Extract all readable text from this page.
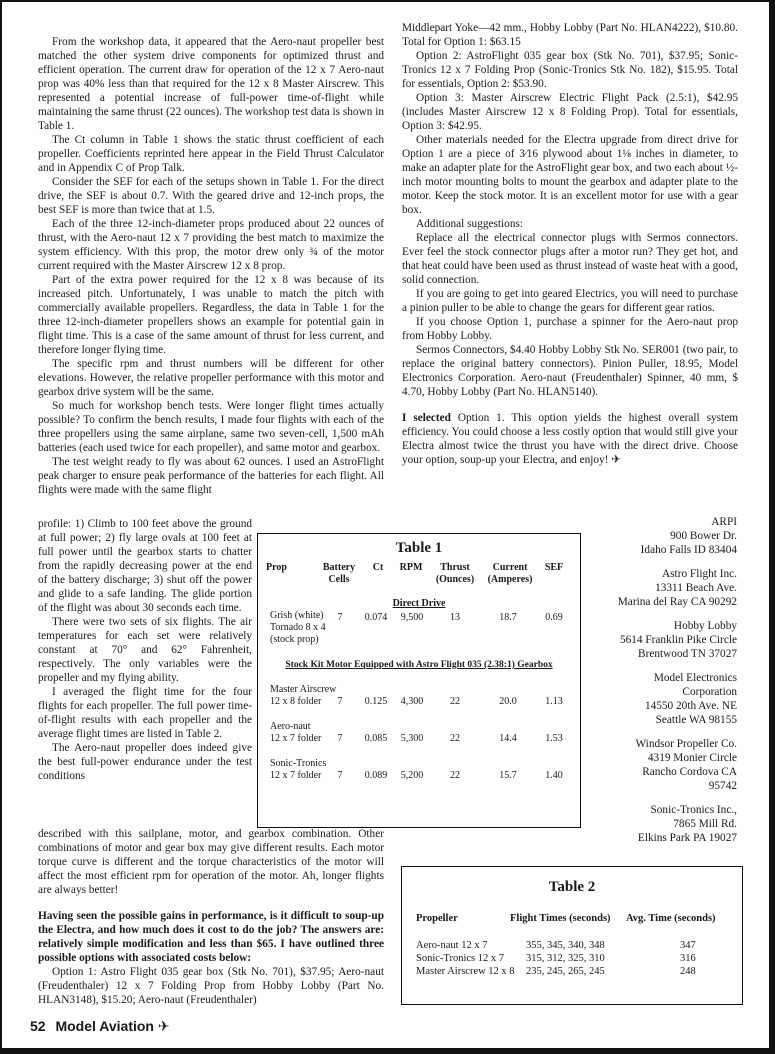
From the workshop data, it appeared that the Aero-naut propeller best matched the other system drive components for optimized thrust and efficient operation. The current draw for operation of the 12 x 7 Aero-naut prop was 40% less than that required for the 12 x 8 Master Airscrew. This represented a potential increase of full-power time-of-flight while maintaining the same thrust (22 ounces). The workshop test data is shown in Table 1.

The Ct column in Table 1 shows the static thrust coefficient of each propeller. Coefficients reprinted here appear in the Field Thrust Calculator and in Appendix C of Prop Talk.

Consider the SEF for each of the setups shown in Table 1. For the direct drive, the SEF is about 0.7. With the geared drive and 12-inch props, the best SEF is more than twice that at 1.5.

Each of the three 12-inch-diameter props produced about 22 ounces of thrust, with the Aero-naut 12 x 7 providing the best match to maximize the system efficiency. With this prop, the motor drew only ¾ of the motor current required with the Master Airscrew 12 x 8 prop.

Part of the extra power required for the 12 x 8 was because of its increased pitch. Unfortunately, I was unable to match the pitch with commercially available propellers. Regardless, the data in Table 1 for the three 12-inch-diameter propellers shows an example for potential gain in flight time. This is a case of the same amount of thrust for less current, and therefore longer flying time.

The specific rpm and thrust numbers will be different for other elevations. However, the relative propeller performance with this motor and gearbox drive system will be the same.

So much for workshop bench tests. Were longer flight times actually possible? To confirm the bench results, I made four flights with each of the three propellers using the same airplane, same two seven-cell, 1,500 mAh batteries (each used twice for each propeller), and same motor and gearbox.

The test weight ready to fly was about 62 ounces. I used an AstroFlight peak charger to ensure peak performance of the batteries for each flight. All flights were made with the same flight

profile: 1) Climb to 100 feet above the ground at full power; 2) fly large ovals at 100 feet at full power until the gearbox starts to chatter from the rapidly decreasing power at the end of the battery discharge; 3) shut off the power and glide to a safe landing. The glide portion of the flight was about 30 seconds each time.

There were two sets of six flights. The air temperatures for each set were relatively constant at 70° and 62° Fahrenheit, respectively. The only variables were the propeller and my flying ability.

I averaged the flight time for the four flights for each propeller. The full power time-of-flight results with each propeller and the average flight times are listed in Table 2.

The Aero-naut propeller does indeed give the best full-power endurance under the test conditions

described with this sailplane, motor, and gearbox combination. Other combinations of motor and gear box may give different results. Each motor torque curve is different and the torque characteristics of the motor will affect the most efficient rpm for operation of the motor. Ah, longer flights are always better!

Having seen the possible gains in performance, is it difficult to soup-up the Electra, and how much does it cost to do the job? The answers are: relatively simple modification and less than $65. I have outlined three possible options with associated costs below:

Option 1: Astro Flight 035 gear box (Stk No. 701), $37.95; Aero-naut (Freudenthaler) 12 x 7 Folding Prop from Hobby Lobby (Part No. HLAN3148), $15.20; Aero-naut (Freudenthaler)

Middlepart Yoke—42 mm., Hobby Lobby (Part No. HLAN4222), $10.80. Total for Option 1: $63.15

Option 2: AstroFlight 035 gear box (Stk No. 701), $37.95; Sonic-Tronics 12 x 7 Folding Prop (Sonic-Tronics Stk No. 182), $15.95. Total for essentials, Option 2: $53.90.

Option 3: Master Airscrew Electric Flight Pack (2.5:1), $42.95 (includes Master Airscrew 12 x 8 Folding Prop). Total for essentials, Option 3: $42.95.

Other materials needed for the Electra upgrade from direct drive for Option 1 are a piece of 3⁄16 plywood about 1⅛ inches in diameter, to make an adapter plate for the AstroFlight gear box, and two each about ½-inch motor mounting bolts to mount the gearbox and adapter plate to the motor. Keep the stock motor. It is an excellent motor for use with a gear box.

Additional suggestions:

Replace all the electrical connector plugs with Sermos connectors. Ever feel the stock connector plugs after a motor run? They get hot, and that heat could have been used as thrust instead of waste heat with a good, solid connection.

If you are going to get into geared Electrics, you will need to purchase a pinion puller to be able to change the gears for different gear ratios.

If you choose Option 1, purchase a spinner for the Aero-naut prop from Hobby Lobby.

Sermos Connectors, $4.40 Hobby Lobby Stk No. SER001 (two pair, to replace the original battery connectors). Pinion Puller, 18.95, Model Electronics Corporation. Aero-naut (Freudenthaler) Spinner, 40 mm, $ 4.70, Hobby Lobby (Part No. HLAN5140).

I selected Option 1. This option yields the highest overall system efficiency. You could choose a less costly option that would still give your Electra almost twice the thrust you have with the direct drive. Choose your option, soup-up your Electra, and enjoy! ✈

Table 1
Prop	Battery
Cells
Ct	RPM	Thrust
(Ounces)
Current
(Amperes)
SEF
Direct Drive
Grish (white)
Tornado 8 x 4
(stock prop)
7	0.074	9,500	13	18.7	0.69
Stock Kit Motor Equipped with Astro Flight 035 (2.38:1) Gearbox
Master Airscrew
12 x 8 folder	7	0.125	4,300	22	20.0	1.13
Aero-naut
12 x 7 folder	7	0.085	5,300	22	14.4	1.53
Sonic-Tronics
12 x 7 folder	7	0.089	5,200	22	15.7	1.40
ARPI
900 Bower Dr.
Idaho Falls ID 83404
Astro Flight Inc.
13311 Beach Ave.
Marina del Ray CA 90292
Hobby Lobby
5614 Franklin Pike Circle
Brentwood TN 37027
Model Electronics
Corporation
14550 20th Ave. NE
Seattle WA 98155
Windsor Propeller Co.
4319 Monier Circle
Rancho Cordova CA
95742
Sonic-Tronics Inc.,
7865 Mill Rd.
Elkins Park PA 19027
Table 2
Propeller	Flight Times (seconds) Avg. Time (seconds)
Aero-naut 12 x 7	355, 345, 340, 348	347
Sonic-Tronics 12 x 7 315, 312, 325, 310	316
Master Airscrew 12 x 8 235, 245, 265, 245	248
52 Model Aviation ✈
